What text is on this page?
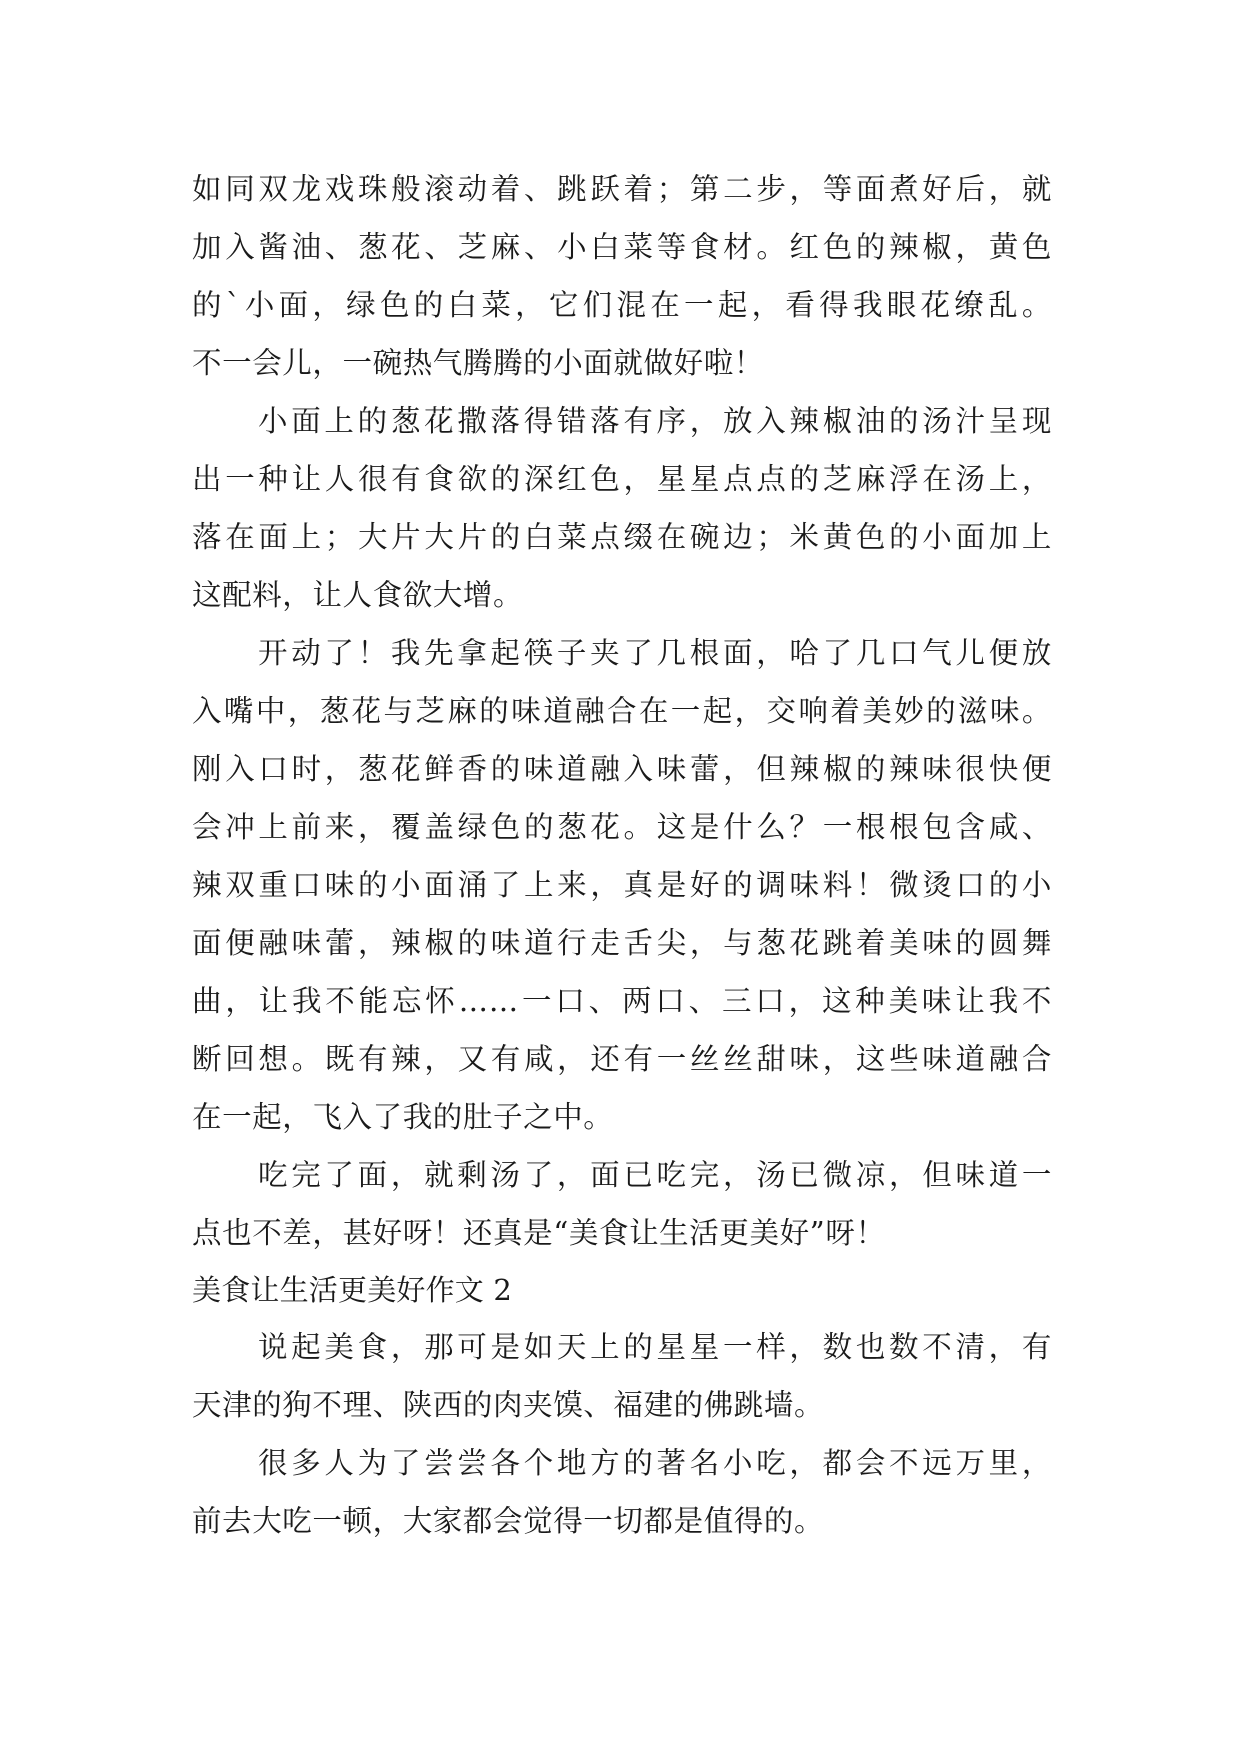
如同双龙戏珠般滚动着、跳跃着；第二步，等面煮好后，就
加入酱油、葱花、芝麻、小白菜等食材。红色的辣椒，黄色
的`小面，绿色的白菜，它们混在一起，看得我眼花缭乱。
不一会儿，一碗热气腾腾的小面就做好啦！
小面上的葱花撒落得错落有序，放入辣椒油的汤汁呈现
出一种让人很有食欲的深红色，星星点点的芝麻浮在汤上，
落在面上；大片大片的白菜点缀在碗边；米黄色的小面加上
这配料，让人食欲大增。
开动了！我先拿起筷子夹了几根面，哈了几口气儿便放
入嘴中，葱花与芝麻的味道融合在一起，交响着美妙的滋味。
刚入口时，葱花鲜香的味道融入味蕾，但辣椒的辣味很快便
会冲上前来，覆盖绿色的葱花。这是什么？一根根包含咸、
辣双重口味的小面涌了上来，真是好的调味料！微烫口的小
面便融味蕾，辣椒的味道行走舌尖，与葱花跳着美味的圆舞
曲，让我不能忘怀……一口、两口、三口，这种美味让我不
断回想。既有辣，又有咸，还有一丝丝甜味，这些味道融合
在一起，飞入了我的肚子之中。
吃完了面，就剩汤了，面已吃完，汤已微凉，但味道一
点也不差，甚好呀！还真是“美食让生活更美好”呀！
美食让生活更美好作文 2
说起美食，那可是如天上的星星一样，数也数不清，有
天津的狗不理、陕西的肉夹馍、福建的佛跳墙。
很多人为了尝尝各个地方的著名小吃，都会不远万里，
前去大吃一顿，大家都会觉得一切都是值得的。
